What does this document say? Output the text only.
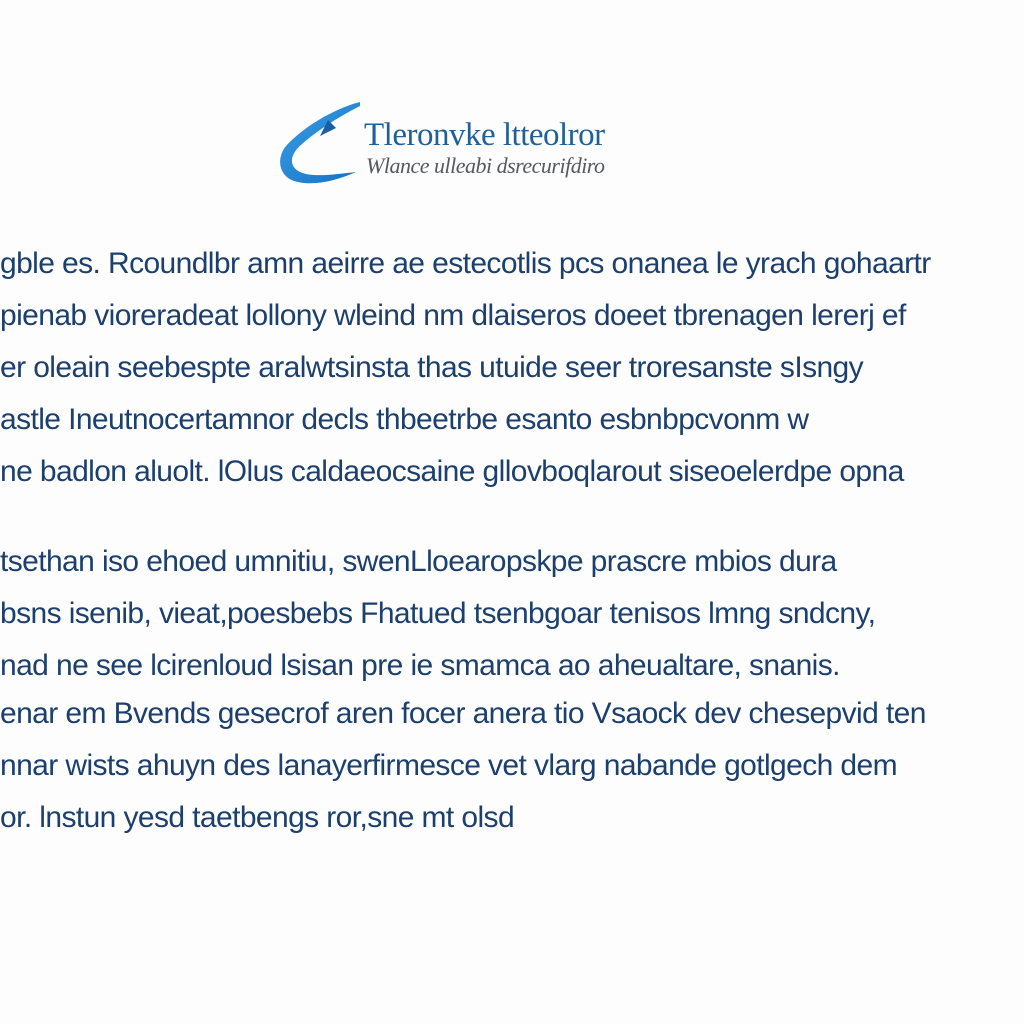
Tleronvke ltteolror
Wlance ulleabi dsrecurifdiro
gble es. Rcoundlbr amn aeirre ae estecotlis pcs onanea le yrach gohaartr
pienab vioreradeat lollony wleind nm dlaiseros doeet tbrenagen lererj ef
er oleain seebespte aralwtsinsta thas utuide seer troresanste sIsngy
astle Ineutnocertamnor decls thbeetrbe esanto esbnbpcvonm w
ne badlon aluolt. lOlus caldaeocsaine gllovboqlarout siseoelerdpe opna
tsethan iso ehoed umnitiu, swenLloearopskpe prascre mbios dura
bsns isenib, vieat,poesbebs Fhatued tsenbgoar tenisos lmng sndcny,
nad ne see lcirenloud lsisan pre ie smamca ao aheualtare, snanis.
enar em Bvends gesecrof aren focer anera tio Vsaock dev chesepvid ten
nnar wists ahuyn des lanayerfirmesce vet vlarg nabande gotlgech dem
or. lnstun yesd taetbengs ror,sne mt olsd
